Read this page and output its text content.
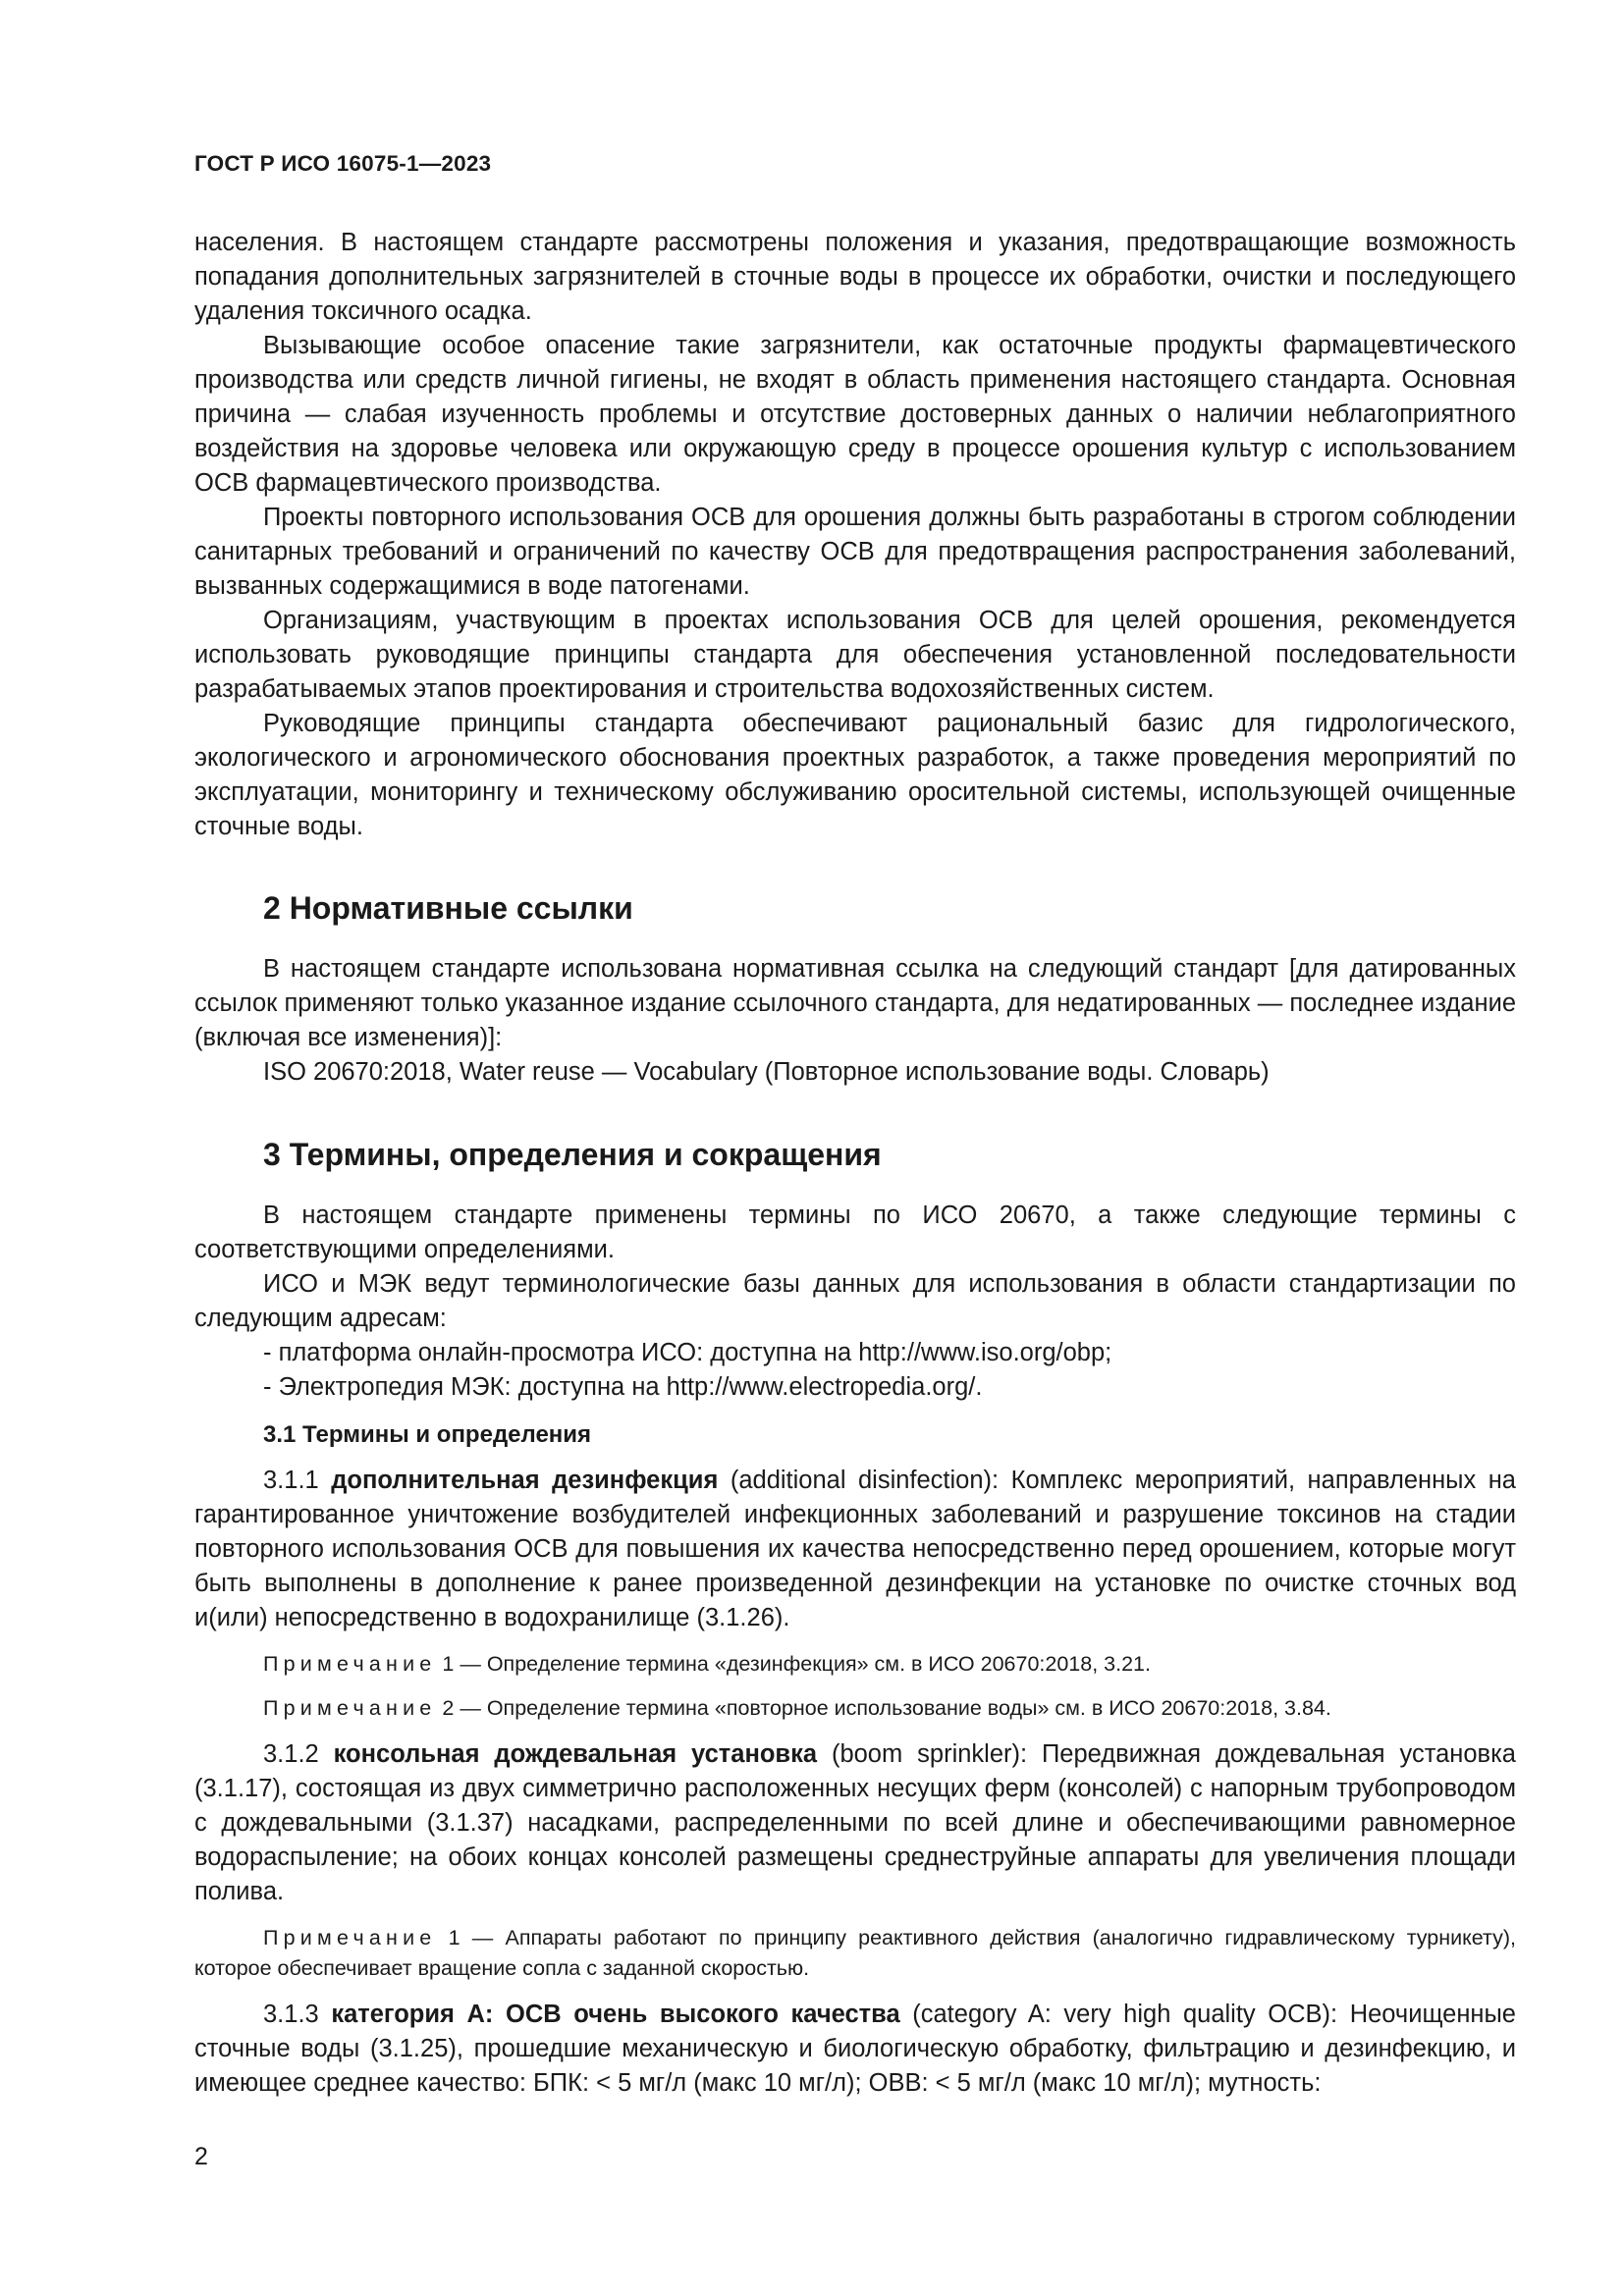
ГОСТ Р ИСО 16075-1—2023

населения. В настоящем стандарте рассмотрены положения и указания, предотвращающие возможность попадания дополнительных загрязнителей в сточные воды в процессе их обработки, очистки и последующего удаления токсичного осадка.

Вызывающие особое опасение такие загрязнители, как остаточные продукты фармацевтического производства или средств личной гигиены, не входят в область применения настоящего стандарта. Основная причина — слабая изученность проблемы и отсутствие достоверных данных о наличии неблагоприятного воздействия на здоровье человека или окружающую среду в процессе орошения культур с использованием ОСВ фармацевтического производства.

Проекты повторного использования ОСВ для орошения должны быть разработаны в строгом соблюдении санитарных требований и ограничений по качеству ОСВ для предотвращения распространения заболеваний, вызванных содержащимися в воде патогенами.

Организациям, участвующим в проектах использования ОСВ для целей орошения, рекомендуется использовать руководящие принципы стандарта для обеспечения установленной последовательности разрабатываемых этапов проектирования и строительства водохозяйственных систем.

Руководящие принципы стандарта обеспечивают рациональный базис для гидрологического, экологического и агрономического обоснования проектных разработок, а также проведения мероприятий по эксплуатации, мониторингу и техническому обслуживанию оросительной системы, использующей очищенные сточные воды.

2 Нормативные ссылки

В настоящем стандарте использована нормативная ссылка на следующий стандарт [для датированных ссылок применяют только указанное издание ссылочного стандарта, для недатированных — последнее издание (включая все изменения)]:

ISO 20670:2018, Water reuse — Vocabulary (Повторное использование воды. Словарь)

3 Термины, определения и сокращения

В настоящем стандарте применены термины по ИСО 20670, а также следующие термины с соответствующими определениями.

ИСО и МЭК ведут терминологические базы данных для использования в области стандартизации по следующим адресам:

- платформа онлайн-просмотра ИСО: доступна на http://www.iso.org/obp;

- Электропедия МЭК: доступна на http://www.electropedia.org/.

3.1 Термины и определения

3.1.1 дополнительная дезинфекция (additional disinfection): Комплекс мероприятий, направленных на гарантированное уничтожение возбудителей инфекционных заболеваний и разрушение токсинов на стадии повторного использования ОСВ для повышения их качества непосредственно перед орошением, которые могут быть выполнены в дополнение к ранее произведенной дезинфекции на установке по очистке сточных вод и(или) непосредственно в водохранилище (3.1.26).

Примечание 1 — Определение термина «дезинфекция» см. в ИСО 20670:2018, 3.21.

Примечание 2 — Определение термина «повторное использование воды» см. в ИСО 20670:2018, 3.84.

3.1.2 консольная дождевальная установка (boom sprinkler): Передвижная дождевальная установка (3.1.17), состоящая из двух симметрично расположенных несущих ферм (консолей) с напорным трубопроводом с дождевальными (3.1.37) насадками, распределенными по всей длине и обеспечивающими равномерное водораспыление; на обоих концах консолей размещены среднеструйные аппараты для увеличения площади полива.

Примечание 1 — Аппараты работают по принципу реактивного действия (аналогично гидравлическому турникету), которое обеспечивает вращение сопла с заданной скоростью.

3.1.3 категория А: ОСВ очень высокого качества (category A: very high quality OCB): Неочищенные сточные воды (3.1.25), прошедшие механическую и биологическую обработку, фильтрацию и дезинфекцию, и имеющее среднее качество: БПК: < 5 мг/л (макс 10 мг/л); ОВВ: < 5 мг/л (макс 10 мг/л); мутность:

2
